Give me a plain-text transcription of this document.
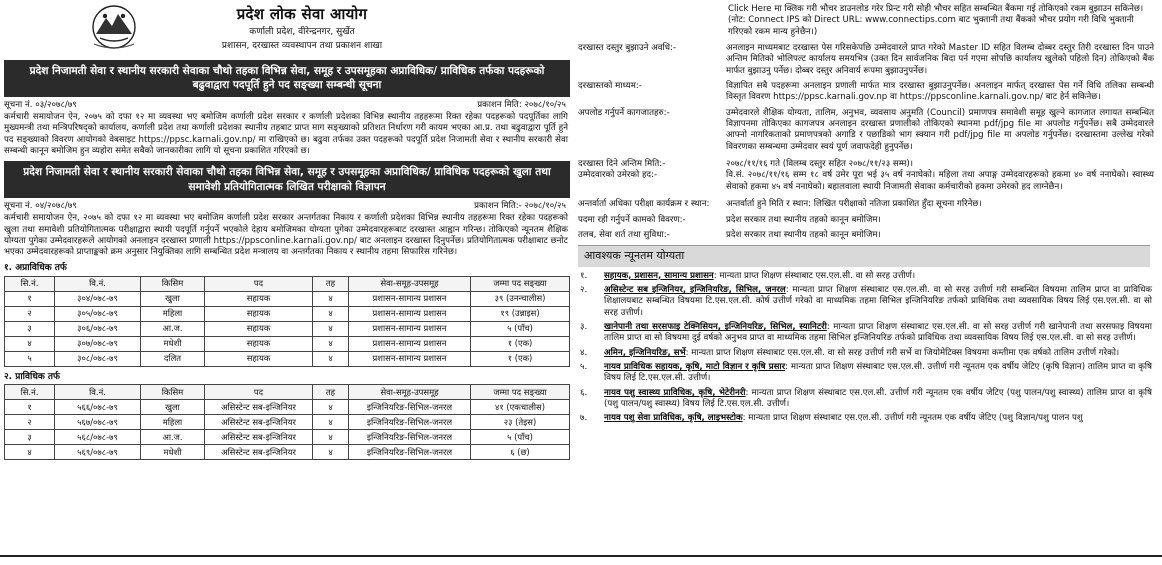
प्रदेश लोक सेवा आयोग
कर्णाली प्रदेश, वीरेन्द्रनगर, सुर्खेत
प्रशासन, दरखास्त व्यवस्थापन तथा प्रकाशन शाखा
प्रदेश निजामती सेवा र स्थानीय सरकारी सेवाका चौथो तहका विभिन्न सेवा, समूह र उपसमूहका अप्राविधिक/ प्राविधिक तर्फका पदहरूको बढुवाद्वारा पदपूर्ति हुने पद सङ्ख्या सम्बन्धी सूचना
सूचना नं. ०३/२०७८/७९	प्रकाशन मिति: २०७८/१०/२५
कर्मचारी समायोजन ऐन, २०७५ को दफा १२ मा व्यवस्था भए बमोजिम कर्णाली प्रदेश सरकार र कर्णाली प्रदेशका विभिन्न स्थानीय तहहरूमा रिक्त रहेका पदहरूको पदपूर्तिका लागि मुख्यमन्त्री तथा मन्त्रिपरिषद्को कार्यालय, कर्णाली प्रदेश तथा कर्णाली प्रदेशका स्थानीय तहबाट प्राप्त माग सङ्ख्याको प्रतिशत निर्धारण गरी कायम भएका आ.प्र. तथा बढुवाद्वारा पूर्ति हुने पद सङ्ख्याको विवरण आयोगको वेबसाइट https://ppsc.karnali.gov.np/ मा राखिएको छ। बढुवा तर्फका उक्त पदहरूको पदपूर्ति प्रदेश निजामती सेवा र स्थानीय सरकारी सेवा सम्बन्धी कानून बमोजिम हुन व्यहोरा समेत सबैको जानकारीका लागि यो सूचना प्रकाशित गरिएको छ।
प्रदेश निजामती सेवा र स्थानीय सरकारी सेवाका चौथो तहका विभिन्न सेवा, समूह र उपसमूहका अप्राविधिक/ प्राविधिक पदहरूको खुला तथा समावेशी प्रतियोगितात्मक लिखित परीक्षाको विज्ञापन
सूचना नं. ०४/२०७८/७९	प्रकाशन मिति:- २०७८/१०/२५
कर्मचारी समायोजन ऐन, २०७५ को दफा १२ मा व्यवस्था भए बमोजिम कर्णाली प्रदेश सरकार अन्तर्गतका निकाय र कर्णाली प्रदेशका विभिन्न स्थानीय तहहरूमा रिक्त रहेका पदहरूको खुला तथा समावेशी प्रतियोगितात्मक परीक्षाद्वारा स्थायी पदपूर्ति गर्नुपर्ने भएकोले देहाय बमोजिमका योग्यता पुगेका उम्मेदवारहरूबाट दरखास्त आह्वान गरिन्छ। तोकिएको न्यूनतम शैक्षिक योग्यता पुगेका उम्मेदवारहरूले आयोगको अनलाइन दरखास्त प्रणाली https://ppsconline.karnali.gov.np/ बाट अनलाइन दरखास्त दिनुपर्नेछ। प्रतियोगितात्मक परीक्षाबाट छनोट भएका उम्मेदवारहरूको प्राप्ताङ्कको क्रम अनुसार नियुक्तिका लागि सम्बन्धित प्रदेश मन्त्रालय वा अन्तर्गतका निकाय र स्थानीय तहमा सिफारिस गरिनेछ।
१. अप्राविधिक तर्फ
सि.नं.	वि.नं.	किसिम	पद	तह	सेवा-समूह-उपसमूह	जम्मा पद सङ्ख्या
१	३०४/०७८-७९	खुला	सहायक	४	प्रशासन-सामान्य प्रशासन	३९ (उनन्चालीस)
२	३०५/०७८-७९	महिला	सहायक	४	प्रशासन-सामान्य प्रशासन	१९ (उन्नाइस)
३	३०६/०७८-७९	आ.ज.	सहायक	४	प्रशासन-सामान्य प्रशासन	५ (पाँच)
४	३०७/०७८-७९	मधेशी	सहायक	४	प्रशासन-सामान्य प्रशासन	१ (एक)
५	३०८/०७८-७९	दलित	सहायक	४	प्रशासन-सामान्य प्रशासन	१ (एक)
२. प्राविधिक तर्फ
सि.नं.	वि.नं.	किसिम	पद	तह	सेवा-समूह-उपसमूह	जम्मा पद सङ्ख्या
१	५६६/०७८-७९	खुला	असिस्टेन्ट सब-इन्जिनियर	४	इन्जिनियरिङ-सिभिल-जनरल	४१ (एकचालीस)
२	५६७/०७८-७९	महिला	असिस्टेन्ट सब-इन्जिनियर	४	इन्जिनियरिङ-सिभिल-जनरल	२३ (तेइस)
३	५६८/०७८-७९	आ.ज.	असिस्टेन्ट सब-इन्जिनियर	४	इन्जिनियरिङ-सिभिल-जनरल	५ (पाँच)
४	५६९/०७८-७९	मधेशी	असिस्टेन्ट सब-इन्जिनियर	४	इन्जिनियरिङ-सिभिल-जनरल	६ (छ)
Click Here मा क्लिक गरी भौचर डाउनलोड गरेर प्रिन्ट गरी सोही भौचर सहित सम्बन्धित बैंकमा गई तोकिएको रकम बुझाउन सकिनेछ। (नोट: Connect IPS को Direct URL: www.connectips.com बाट भुक्तानी तथा बैंकको भौचर प्रयोग गरी विधि भुक्तानी गरिएको रकम मान्य हुनेछैन।)
दरखास्त दस्तुर बुझाउने अवधि:-	अनलाइन माध्यमबाट दरखास्त पेस गरिसकेपछि उम्मेदवारले प्राप्त गरेको Master ID सहित विलम्ब दोब्बर दस्तुर तिरी दरखास्त दिन पाउने अन्तिम मितिको भोलिपल्ट कार्यालय समयभित्र (उक्त दिन सार्वजनिक बिदा पर्न गएमा सोपछि कार्यालय खुलेको पहिलो दिन) तोकिएको बैंक मार्फत बुझाउनु पर्नेछ। दोब्बर दस्तुर अनिवार्य रूपमा बुझाउनुपर्नेछ।
दरखास्तको माध्यम:-	विज्ञापित सबै पदहरूमा अनलाइन प्रणाली मार्फत मात्र दरखास्त बुझाउनुपर्नेछ। अनलाइन मार्फत् दरखास्त पेस गर्ने विधि तलिका सम्बन्धी विस्तृत विवरण https://ppsc.karnali.gov.np वा https://ppsconline.karnali.gov.np/ बाट हेर्न सकिनेछ।
अपलोड गर्नुपर्ने कागजातहरु:-	उम्मेदवारले शैक्षिक योग्यता, तालिम, अनुभव, व्यवसाय अनुमति (Council) प्रमाणपत्र समावेशी समूह खुल्ने कागजात लगायत सम्बन्धित विज्ञापनमा तोकिएका कागजपत्र अनलाइन दरखास्त प्रणालीको तोकिएको स्थानमा pdf/jpg file मा अपलोड गर्नुपर्नेछ। सबै उम्मेदवारले आफ्नो नागरिकताको प्रमाणपत्रको अगाडि र पछाडिको भाग स्क्यान गरी pdf/jpg file मा अपलोड गर्नुपर्नेछ। दरखास्तमा उल्लेख गरेको विवरणका सम्बन्धमा उम्मेदवार स्वयं पूर्ण जवाफदेही हुनुपर्नेछ।
दरखास्त दिने अन्तिम मिति:-	२०७८/११/१६ गते (विलम्ब दस्तुर सहित २०७८/११/२३ सम्म)।
उम्मेदवारको उमेरको हद:-	वि.सं. २०७८/११/१६ सम्म १८ वर्ष उमेर पूरा भई ३५ वर्ष ननाघेको। महिला तथा अपाङ्ग उम्मेदवारहरूको हकमा ४० वर्ष ननाघेको। स्वास्थ्य सेवाको हकमा ४५ वर्ष ननाघेको। बहालवाला स्थायी निजामती सेवाका कर्मचारीको हकमा उमेरको हद लाग्नेछैन।
अन्तर्वार्ता अधिका परीक्षा कार्यक्रम र स्थान:	अन्तर्वार्ता हुने मिति र स्थान: लिखित परीक्षाको नतिजा प्रकाशित हुँदा सूचना गरिनेछ।
पदमा रही गर्नुपर्ने कामको विवरण:-	प्रदेश सरकार तथा स्थानीय तहको कानून बमोजिम।
तलब, सेवा शर्त तथा सुविधा:-	प्रदेश सरकार तथा स्थानीय तहको कानून बमोजिम।
आवश्यक न्यूनतम योग्यता
१.	सहायक, प्रशासन, सामान्य प्रशासन: मान्यता प्राप्त शिक्षण संस्थाबाट एस.एल.सी. वा सो सरह उत्तीर्ण।
२.	असिस्टेन्ट सब इन्जिनियर, इन्जिनियरिङ, सिभिल, जनरल: मान्यता प्राप्त शिक्षण संस्थाबाट एस.एल.सी. वा सो सरह उत्तीर्ण गरी सम्बन्धित विषयमा तालिम प्राप्त वा प्राविधिक शिक्षालयबाट सम्बन्धित विषयमा टि.एस.एल.सी. कोर्ष उत्तीर्ण गरेको वा माध्यमिक तहमा सिभिल इन्जिनियरिङ तर्फको प्राविधिक तथा व्यवसायिक विषय लिई एस.एल.सी. वा सो सरह उत्तीर्ण।
३.	खानेपानी तथा सरसफाइ टेक्निसियन, इन्जिनियरिङ, सिभिल, स्यानिटरी: मान्यता प्राप्त शिक्षण संस्थाबाट एस.एल.सी. वा सो सरह उत्तीर्ण गरी खानेपानी तथा सरसफाइ विषयमा तालिम प्राप्त वा सो विषयमा दुई वर्षको अनुभव प्राप्त वा माध्यमिक तहमा सिभिल इन्जिनियरिङ तर्फको प्राविधिक तथा व्यवसायिक विषय लिई एस.एल.सी. वा सो सरह उत्तीर्ण।
४.	अमिन, इन्जिनियरिङ, सर्भे: मान्यता प्राप्त शिक्षण संस्थाबाट एस.एल.सी. वा सो सरह उत्तीर्ण गरी सर्भे वा जियोमेटिक्स विषयमा कम्तीमा एक वर्षको तालिम उत्तीर्ण गरेको।
५.	नायव प्राविधिक सहायक, कृषि, माटो विज्ञान र कृषि प्रसार: मान्यता प्राप्त शिक्षण संस्थाबाट एस.एल.सी. उत्तीर्ण गरी न्यूनतम एक वर्षीय जेटिए (कृषि विज्ञान) तालिम प्राप्त वा कृषि विषय लिई टि.एस.एल.सी. उत्तीर्ण।
६.	नायव पशु स्वास्थ्य प्राविधिक, कृषि, भेटेरीनरी: मान्यता प्राप्त शिक्षण संस्थाबाट एस.एल.सी. उत्तीर्ण गरी न्यूनतम एक वर्षीय जेटिए (पशु पालन/पशु स्वास्थ्य) तालिम प्राप्त वा कृषि (पशु पालन/पशु स्वास्थ्य) विषय लिई टि.एस.एल.सी. उत्तीर्ण।
७.	नायव पशु सेवा प्राविधिक, कृषि, लाइभस्टोक: मान्यता प्राप्त शिक्षण संस्थाबाट एस.एल.सी. उत्तीर्ण गरी न्यूनतम एक वर्षीय जेटिए (पशु विज्ञान/पशु पालन पशु
